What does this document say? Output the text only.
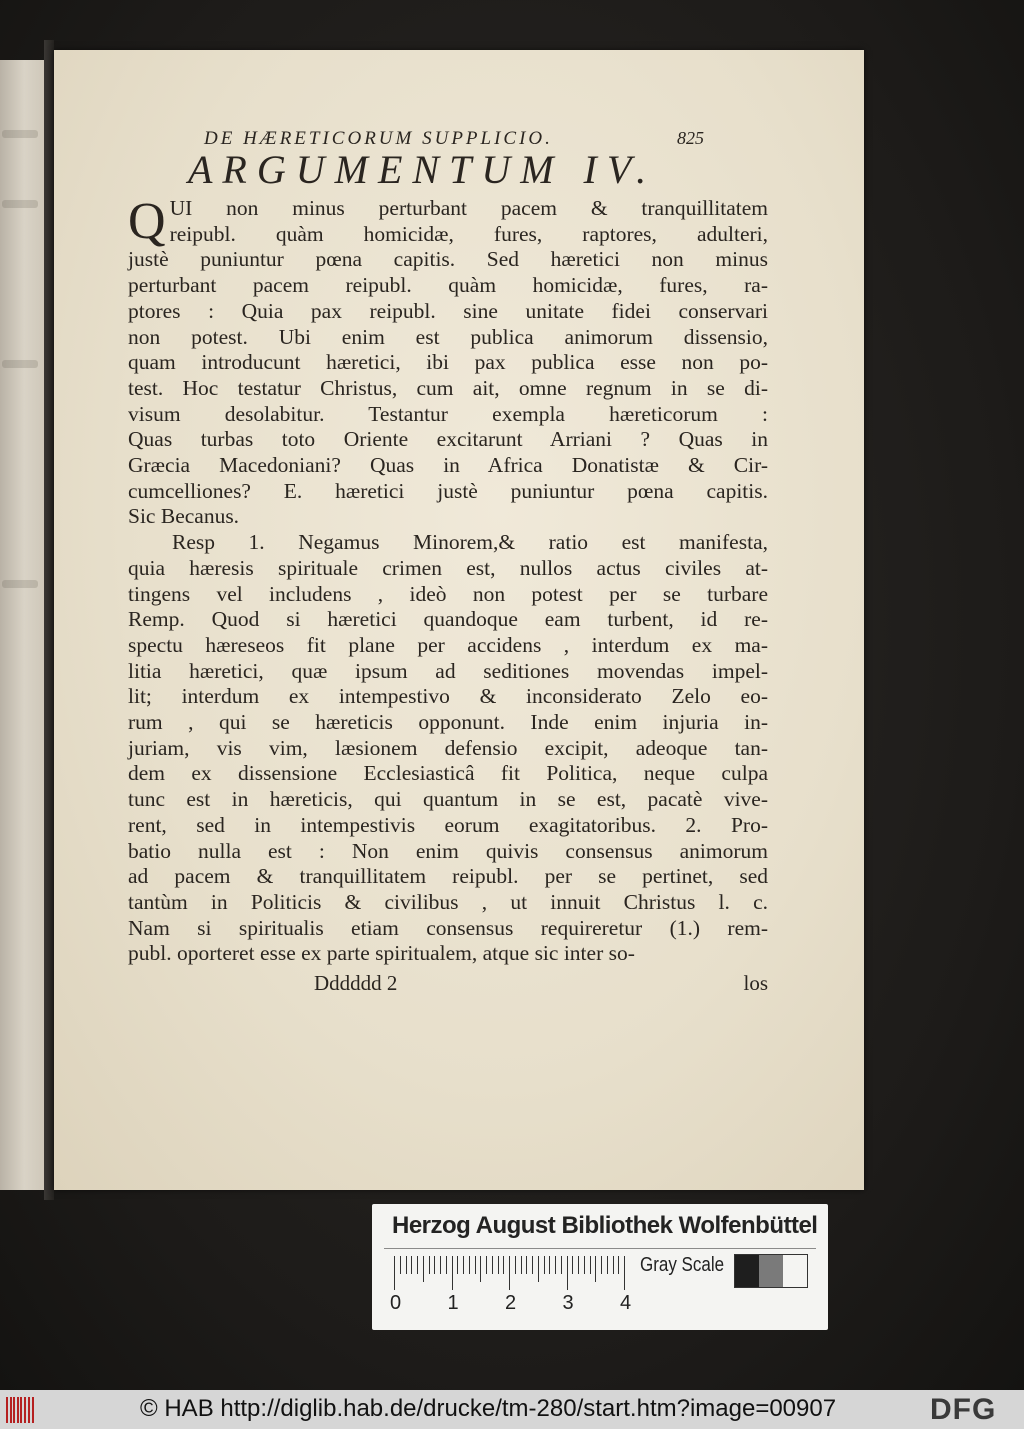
DE HÆRETICORUM SUPPLICIO.	825
ARGUMENTUM IV.
Q UI non minus perturbant pacem & tranquillitatem
reipubl. quàm homicidæ, fures, raptores, adulteri,
justè puniuntur pœna capitis. Sed hæretici non minus
perturbant pacem reipubl. quàm homicidæ, fures, ra-
ptores : Quia pax reipubl. sine unitate fidei conservari
non potest. Ubi enim est publica animorum dissensio,
quam introducunt hæretici, ibi pax publica esse non po-
test. Hoc testatur Christus, cum ait, omne regnum in se di-
visum desolabitur. Testantur exempla hæreticorum :
Quas turbas toto Oriente excitarunt Arriani ? Quas in
Græcia Macedoniani? Quas in Africa Donatistæ & Cir-
cumcelliones? E. hæretici justè puniuntur pœna capitis.
Sic Becanus.
Resp 1. Negamus Minorem,& ratio est manifesta,
quia hæresis spirituale crimen est, nullos actus civiles at-
tingens vel includens , ideò non potest per se turbare
Remp. Quod si hæretici quandoque eam turbent, id re-
spectu hæreseos fit plane per accidens , interdum ex ma-
litia hæretici, quæ ipsum ad seditiones movendas impel-
lit; interdum ex intempestivo & inconsiderato Zelo eo-
rum , qui se hæreticis opponunt. Inde enim injuria in-
juriam, vis vim, læsionem defensio excipit, adeoque tan-
dem ex dissensione Ecclesiasticâ fit Politica, neque culpa
tunc est in hæreticis, qui quantum in se est, pacatè vive-
rent, sed in intempestivis eorum exagitatoribus. 2. Pro-
batio nulla est : Non enim quivis consensus animorum
ad pacem & tranquillitatem reipubl. per se pertinet, sed
tantùm in Politicis & civilibus , ut innuit Christus l. c.
Nam si spiritualis etiam consensus requireretur (1.) rem-
publ. oporteret esse ex parte spiritualem, atque sic inter so-
Dddddd 2	los
Herzog August Bibliothek Wolfenbüttel
0 1 2 3 4
Gray Scale
© HAB http://diglib.hab.de/drucke/tm-280/start.htm?image=00907	DFG
